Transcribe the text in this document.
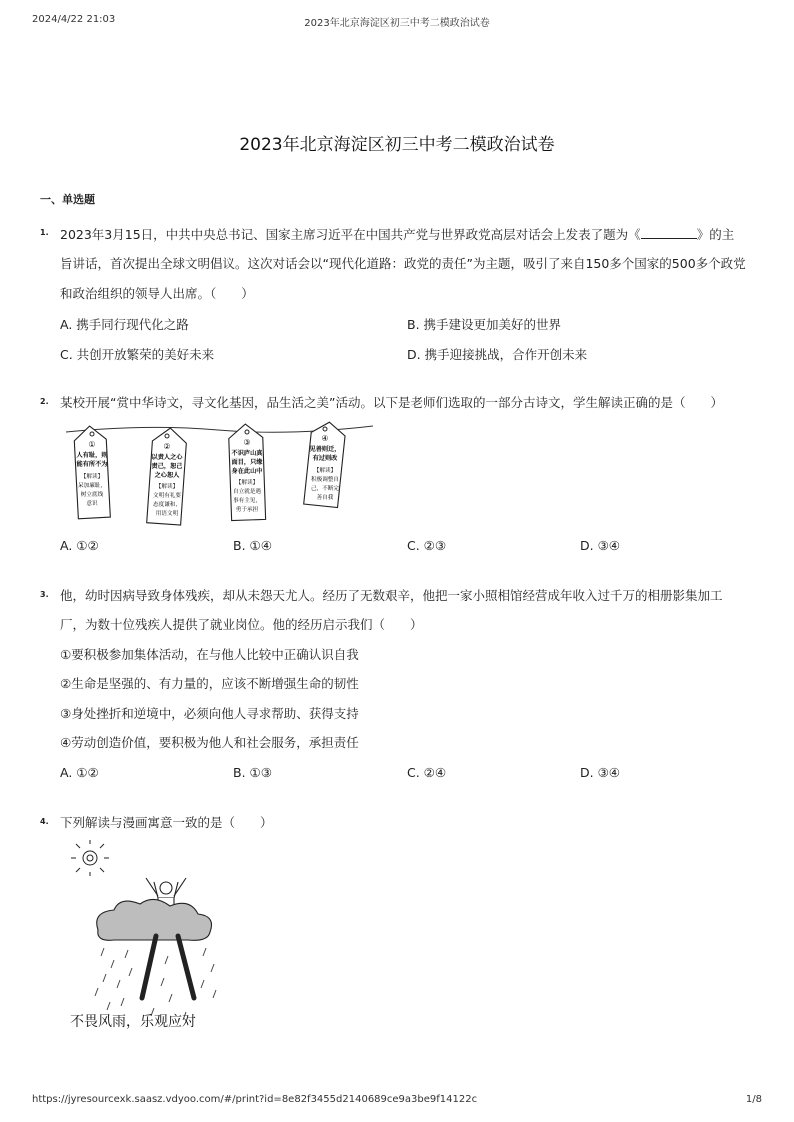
2024/4/22 21:03	2023年北京海淀区初三中考二模政治试卷
2023年北京海淀区初三中考二模政治试卷
一、单选题
1. 2023年3月15日，中共中央总书记、国家主席习近平在中国共产党与世界政党高层对话会上发表了题为《	》的主
旨讲话，首次提出全球文明倡议。这次对话会以“现代化道路：政党的责任”为主题，吸引了来自150多个国家的500多个政党
和政治组织的领导人出席。（　　）
A. 携手同行现代化之路	B. 携手建设更加美好的世界
C. 共创开放繁荣的美好未来	D. 携手迎接挑战，合作开创未来
2. 某校开展“赏中华诗文，寻文化基因，品生活之美”活动。以下是老师们选取的一部分古诗文，学生解读正确的是（　　）
①
人有耻，则
能有所不为
【解读】
呆加廉耻，
树立底线
意识
②
以责人之心
责己，恕己
之心恕人
【解读】
文明有礼要
态度谦和，
用语文明
③
不识庐山真
面目，只缘
身在此山中
【解读】
自立就是遇
事有主见，
勇于承担
④
见善则迁，
有过则改
【解读】
积极调整自
己，不断完
善自我
A. ①②	B. ①④	C. ②③	D. ③④
3. 他，幼时因病导致身体残疾，却从未怨天尤人。经历了无数艰辛，他把一家小照相馆经营成年收入过千万的相册影集加工
厂，为数十位残疾人提供了就业岗位。他的经历启示我们（　　）
①要积极参加集体活动，在与他人比较中正确认识自我
②生命是坚强的、有力量的，应该不断增强生命的韧性
③身处挫折和逆境中，必须向他人寻求帮助、获得支持
④劳动创造价值，要积极为他人和社会服务，承担责任
A. ①②	B. ①③	C. ②④	D. ③④
4. 下列解读与漫画寓意一致的是（　　）
不畏风雨，乐观应对
https://jyresourcexk.saasz.vdyoo.com/#/print?id=8e82f3455d2140689ce9a3be9f14122c	1/8
